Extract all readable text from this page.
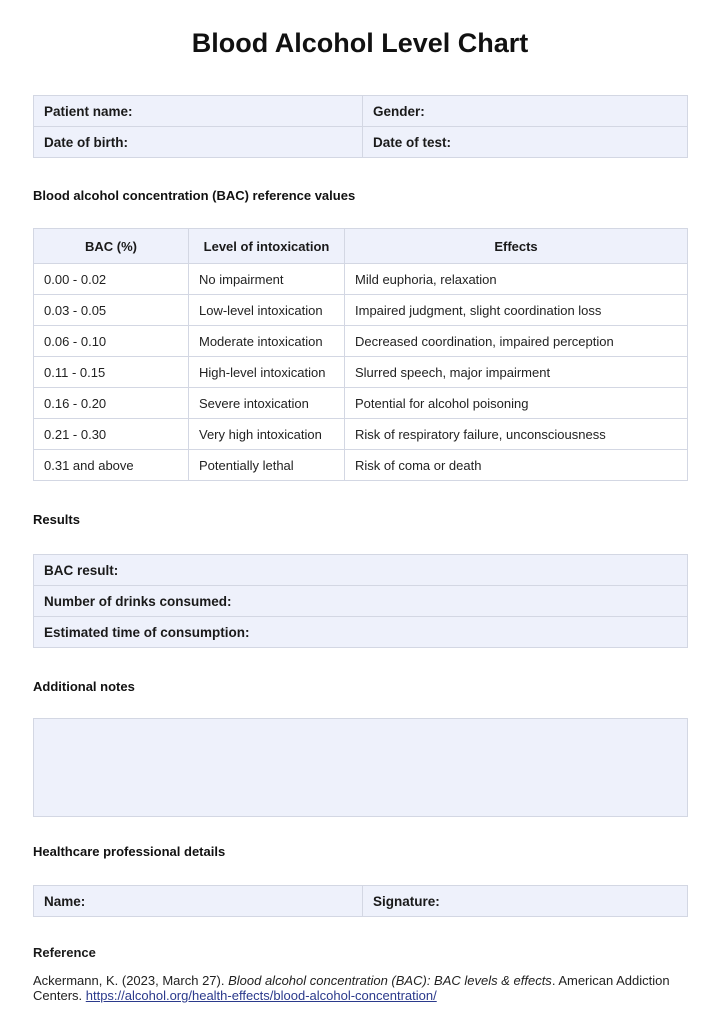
Blood Alcohol Level Chart
Patient name:	Gender:
Date of birth:	Date of test:
Blood alcohol concentration (BAC) reference values
BAC (%)	Level of intoxication	Effects
0.00 - 0.02	No impairment	Mild euphoria, relaxation
0.03 - 0.05	Low-level intoxication	Impaired judgment, slight coordination loss
0.06 - 0.10	Moderate intoxication	Decreased coordination, impaired perception
0.11 - 0.15	High-level intoxication	Slurred speech, major impairment
0.16 - 0.20	Severe intoxication	Potential for alcohol poisoning
0.21 - 0.30	Very high intoxication	Risk of respiratory failure, unconsciousness
0.31 and above	Potentially lethal	Risk of coma or death
Results
BAC result:
Number of drinks consumed:
Estimated time of consumption:
Additional notes
Healthcare professional details
Name:	Signature:
Reference
Ackermann, K. (2023, March 27). Blood alcohol concentration (BAC): BAC levels & effects. American Addiction Centers. https://alcohol.org/health-effects/blood-alcohol-concentration/
